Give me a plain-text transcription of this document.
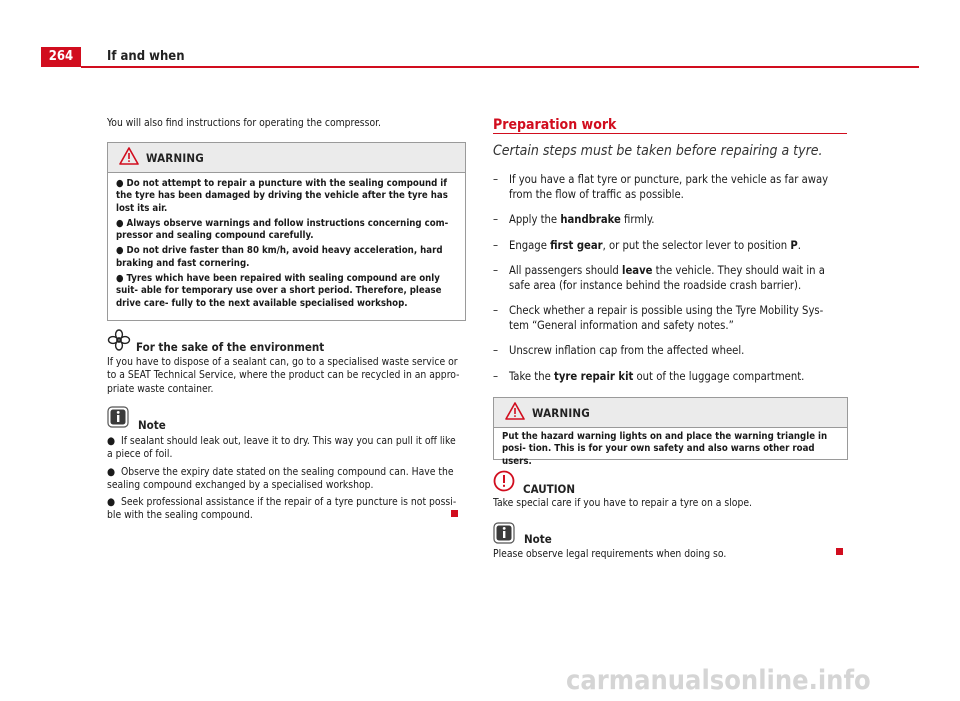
264	If and when
You will also find instructions for operating the compressor.
WARNING

● Do not attempt to repair a puncture with the sealing compound if the tyre has been damaged by driving the vehicle after the tyre has lost its air.

● Always observe warnings and follow instructions concerning com- pressor and sealing compound carefully.

● Do not drive faster than 80 km/h, avoid heavy acceleration, hard braking and fast cornering.

● Tyres which have been repaired with sealing compound are only suit- able for temporary use over a short period. Therefore, please drive care- fully to the next available specialised workshop.

For the sake of the environment
If you have to dispose of a sealant can, go to a specialised waste service or to a SEAT Technical Service, where the product can be recycled in an appro- priate waste container.
Note

●  If sealant should leak out, leave it to dry. This way you can pull it off like a piece of foil.

●  Observe the expiry date stated on the sealing compound can. Have the sealing compound exchanged by a specialised workshop.

●  Seek professional assistance if the repair of a tyre puncture is not possi- ble with the sealing compound.

Preparation work
Certain steps must be taken before repairing a tyre.
– If you have a flat tyre or puncture, park the vehicle as far away from the flow of traffic as possible.
– Apply the handbrake firmly.
– Engage first gear, or put the selector lever to position P.
– All passengers should leave the vehicle. They should wait in a safe area (for instance behind the roadside crash barrier).
– Check whether a repair is possible using the Tyre Mobility Sys- tem “General information and safety notes.”
– Unscrew inflation cap from the affected wheel.
– Take the tyre repair kit out of the luggage compartment.
WARNING
Put the hazard warning lights on and place the warning triangle in posi- tion. This is for your own safety and also warns other road users.
CAUTION
Take special care if you have to repair a tyre on a slope.
Note
Please observe legal requirements when doing so.
carmanualsonline.info
